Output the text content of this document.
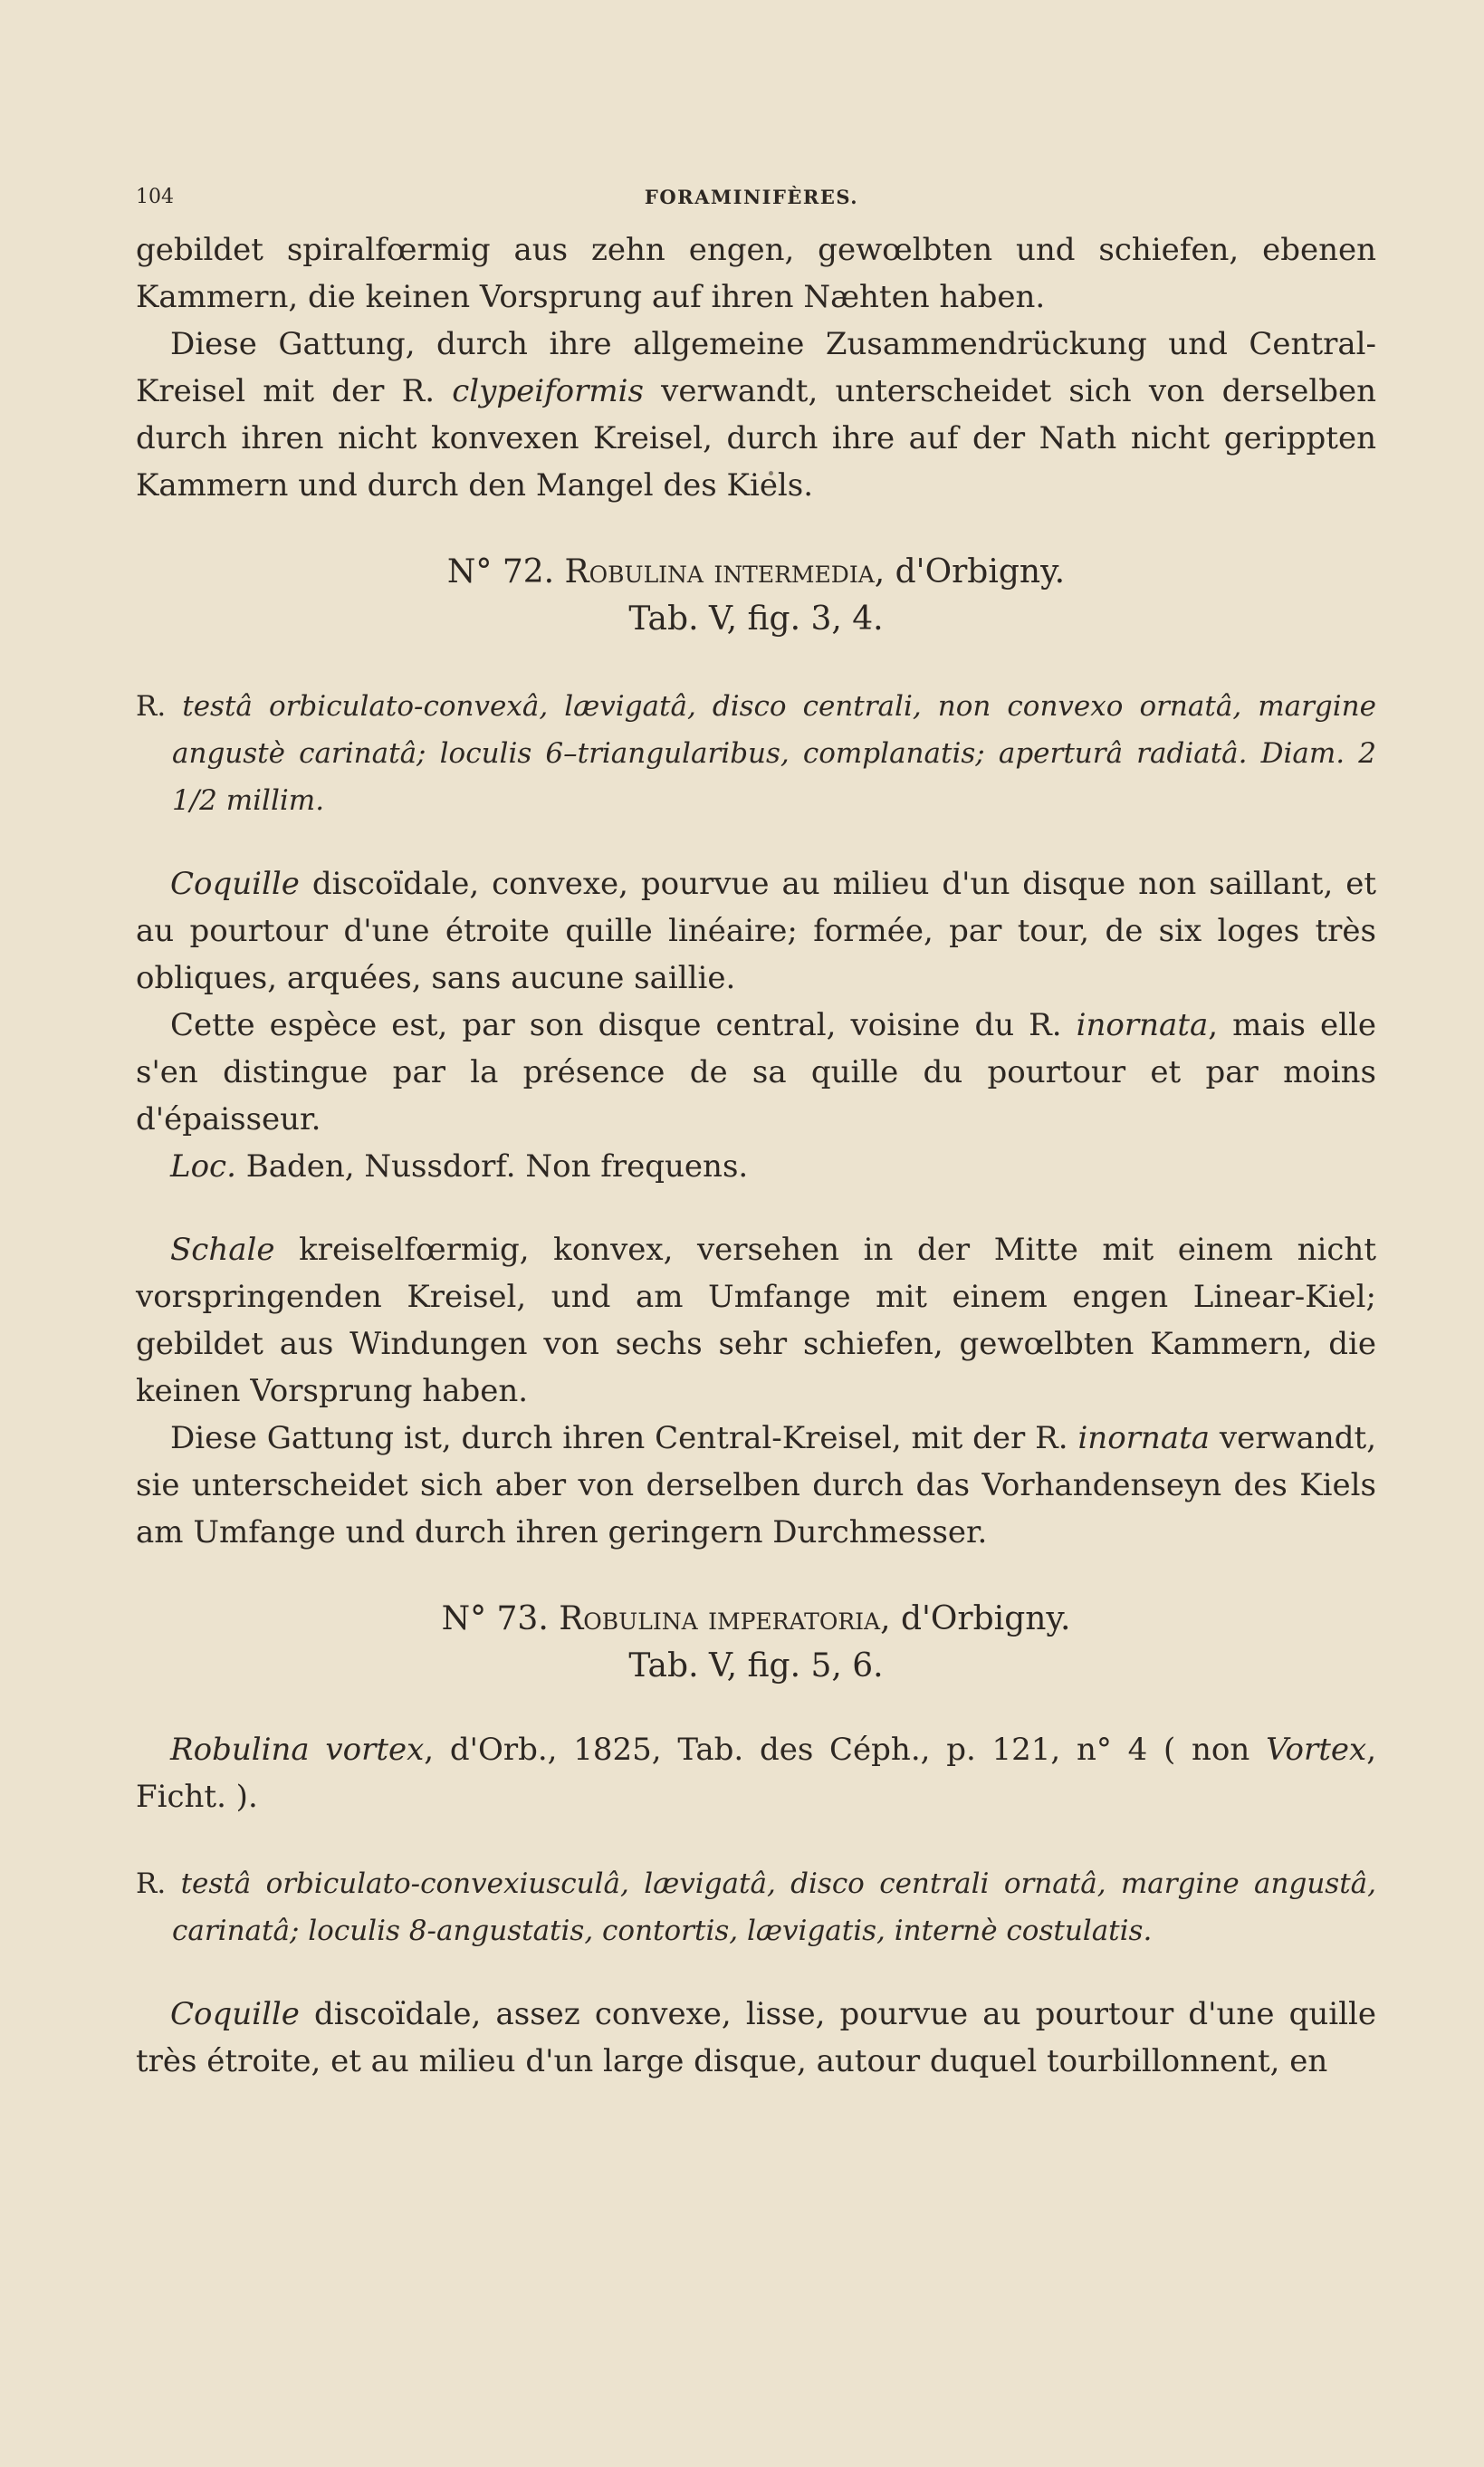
104	FORAMINIFÈRES.

gebildet spiralfœrmig aus zehn engen, gewœlbten und schiefen, ebenen Kammern, die keinen Vorsprung auf ihren Næhten haben.

Diese Gattung, durch ihre allgemeine Zusammendrückung und Central-Kreisel mit der R. clypeiformis verwandt, unterscheidet sich von derselben durch ihren nicht konvexen Kreisel, durch ihre auf der Nath nicht gerippten Kammern und durch den Mangel des Kiels.

N° 72. Robulina intermedia, d'Orbigny.

Tab. V, fig. 3, 4.

R. testâ orbiculato-convexâ, lævigatâ, disco centrali, non convexo ornatâ, margine angustè carinatâ; loculis 6–triangularibus, complanatis; aperturâ radiatâ. Diam. 2 1/2 millim.

Coquille discoïdale, convexe, pourvue au milieu d'un disque non saillant, et au pourtour d'une étroite quille linéaire; formée, par tour, de six loges très obliques, arquées, sans aucune saillie.

Cette espèce est, par son disque central, voisine du R. inornata, mais elle s'en distingue par la présence de sa quille du pourtour et par moins d'épaisseur.

Loc. Baden, Nussdorf. Non frequens.

Schale kreiselfœrmig, konvex, versehen in der Mitte mit einem nicht vorspringenden Kreisel, und am Umfange mit einem engen Linear-Kiel; gebildet aus Windungen von sechs sehr schiefen, gewœlbten Kammern, die keinen Vorsprung haben.

Diese Gattung ist, durch ihren Central-Kreisel, mit der R. inornata verwandt, sie unterscheidet sich aber von derselben durch das Vorhandenseyn des Kiels am Umfange und durch ihren geringern Durchmesser.

N° 73. Robulina imperatoria, d'Orbigny.

Tab. V, fig. 5, 6.

Robulina vortex, d'Orb., 1825, Tab. des Céph., p. 121, n° 4 ( non Vortex, Ficht. ).

R. testâ orbiculato-convexiusculâ, lævigatâ, disco centrali ornatâ, margine angustâ, carinatâ; loculis 8-angustatis, contortis, lævigatis, internè costulatis.

Coquille discoïdale, assez convexe, lisse, pourvue au pourtour d'une quille très étroite, et au milieu d'un large disque, autour duquel tourbillonnent, en
